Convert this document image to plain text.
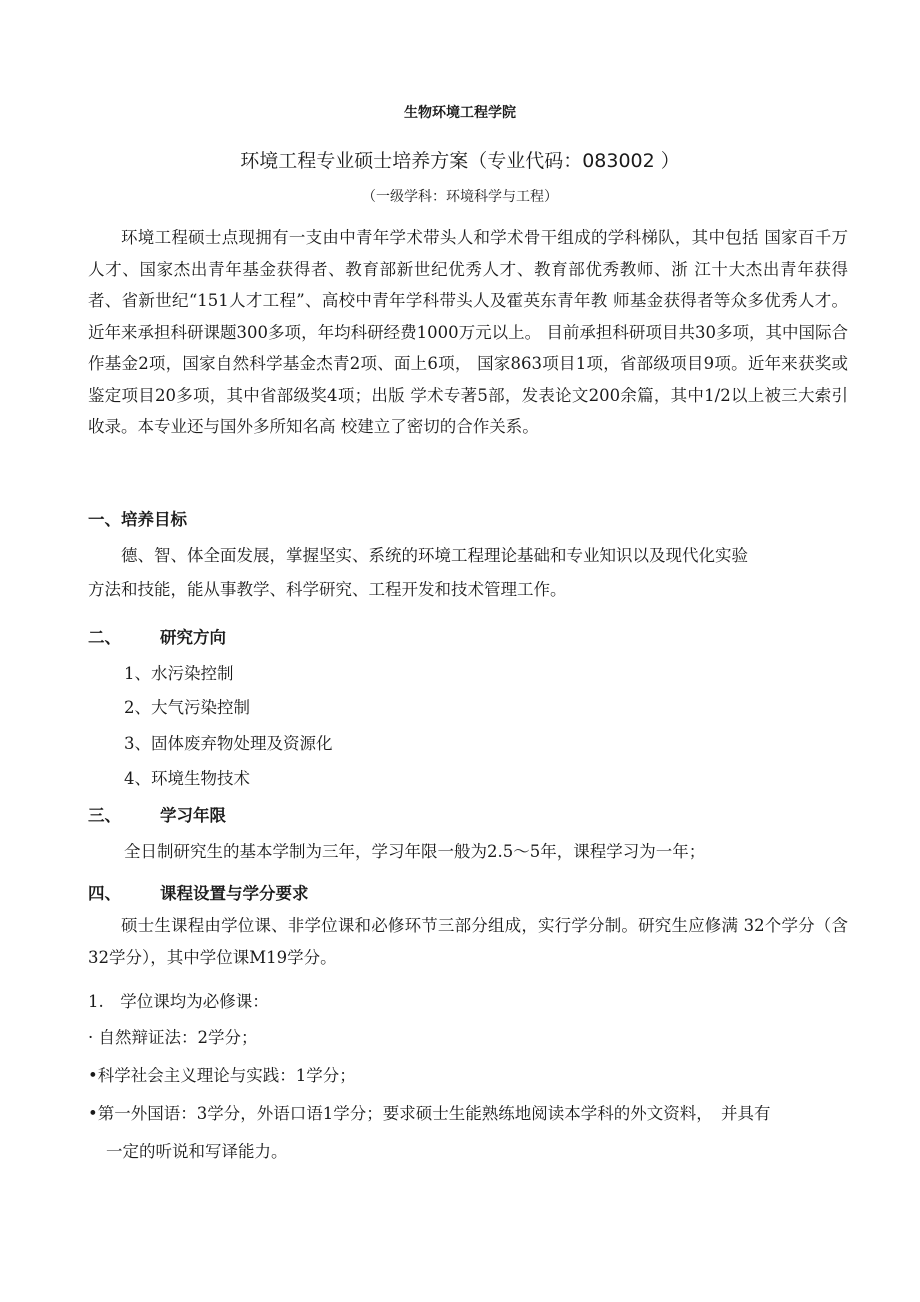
生物环境工程学院
环境工程专业硕士培养方案（专业代码：083002 ）
（一级学科：环境科学与工程）

环境工程硕士点现拥有一支由中青年学术带头人和学术骨干组成的学科梯队，其中包括 国家百千万人才、国家杰出青年基金获得者、教育部新世纪优秀人才、教育部优秀教师、浙 江十大杰出青年获得者、省新世纪“151人才工程”、高校中青年学科带头人及霍英东青年教 师基金获得者等众多优秀人才。近年来承担科研课题300多项，年均科研经费1000万元以上。 目前承担科研项目共30多项，其中国际合作基金2项，国家自然科学基金杰青2项、面上6项， 国家863项目1项，省部级项目9项。近年来获奖或鉴定项目20多项，其中省部级奖4项；出版 学术专著5部，发表论文200余篇，其中1/2以上被三大索引收录。本专业还与国外多所知名高 校建立了密切的合作关系。

一、培养目标
德、智、体全面发展，掌握坚实、系统的环境工程理论基础和专业知识以及现代化实验
方法和技能，能从事教学、科学研究、工程开发和技术管理工作。
二、 研究方向
1、水污染控制
2、大气污染控制
3、固体废弃物处理及资源化
4、环境生物技术
三、 学习年限
全日制研究生的基本学制为三年，学习年限一般为2.5～5年，课程学习为一年；
四、 课程设置与学分要求

硕士生课程由学位课、非学位课和必修环节三部分组成，实行学分制。研究生应修满 32个学分（含32学分），其中学位课M19学分。

1.　学位课均为必修课：
· 自然辩证法：2学分；
•科学社会主义理论与实践：1学分；
•第一外国语：3学分，外语口语1学分；要求硕士生能熟练地阅读本学科的外文资料，　并具有
一定的听说和写译能力。
